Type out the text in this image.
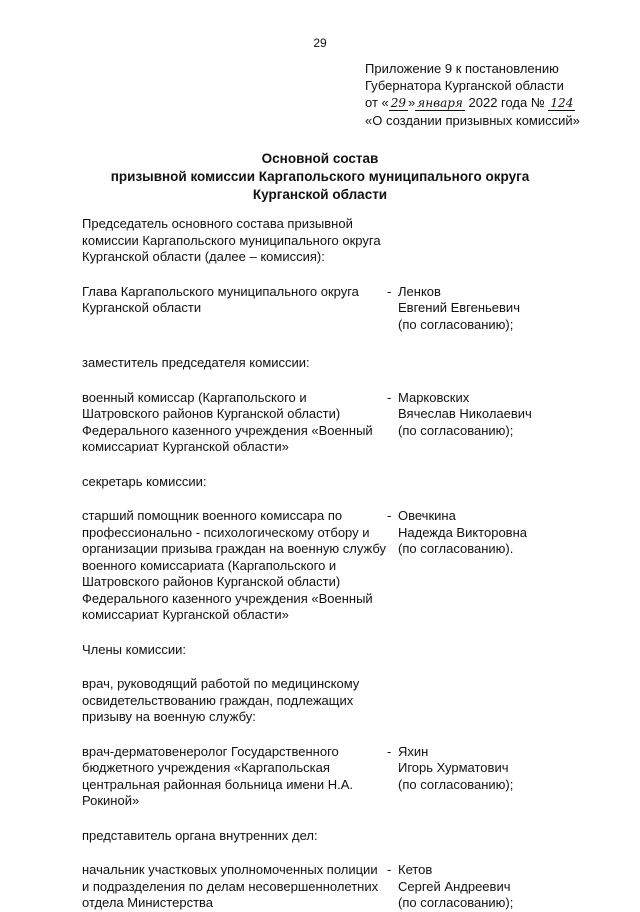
29
Приложение 9 к постановлению
Губернатора Курганской области
от « 29 » января 2022 года № 124
«О создании призывных комиссий»
Основной состав
призывной комиссии Каргапольского муниципального округа
Курганской области
Председатель основного состава призывной комиссии Каргапольского муниципального округа Курганской области (далее – комиссия):
Глава Каргапольского муниципального округа Курганской области
- Ленков
Евгений Евгеньевич
(по согласованию);
заместитель председателя комиссии:
военный комиссар (Каргапольского и Шатровского районов Курганской области) Федерального казенного учреждения «Военный комиссариат Курганской области»
- Марковских
Вячеслав Николаевич
(по согласованию);
секретарь комиссии:
старший помощник военного комиссара по профессионально - психологическому отбору и организации призыва граждан на военную службу военного комиссариата (Каргапольского и Шатровского районов Курганской области) Федерального казенного учреждения «Военный комиссариат Курганской области»
- Овечкина
Надежда Викторовна
(по согласованию).
Члены комиссии:
врач, руководящий работой по медицинскому освидетельствованию граждан, подлежащих призыву на военную службу:
врач-дерматовенеролог Государственного бюджетного учреждения «Каргапольская центральная районная больница имени Н.А. Рокиной»
- Яхин
Игорь Хурматович
(по согласованию);
представитель органа внутренних дел:
начальник участковых уполномоченных полиции и подразделения по делам несовершеннолетних отдела Министерства
- Кетов
Сергей Андреевич
(по согласованию);
